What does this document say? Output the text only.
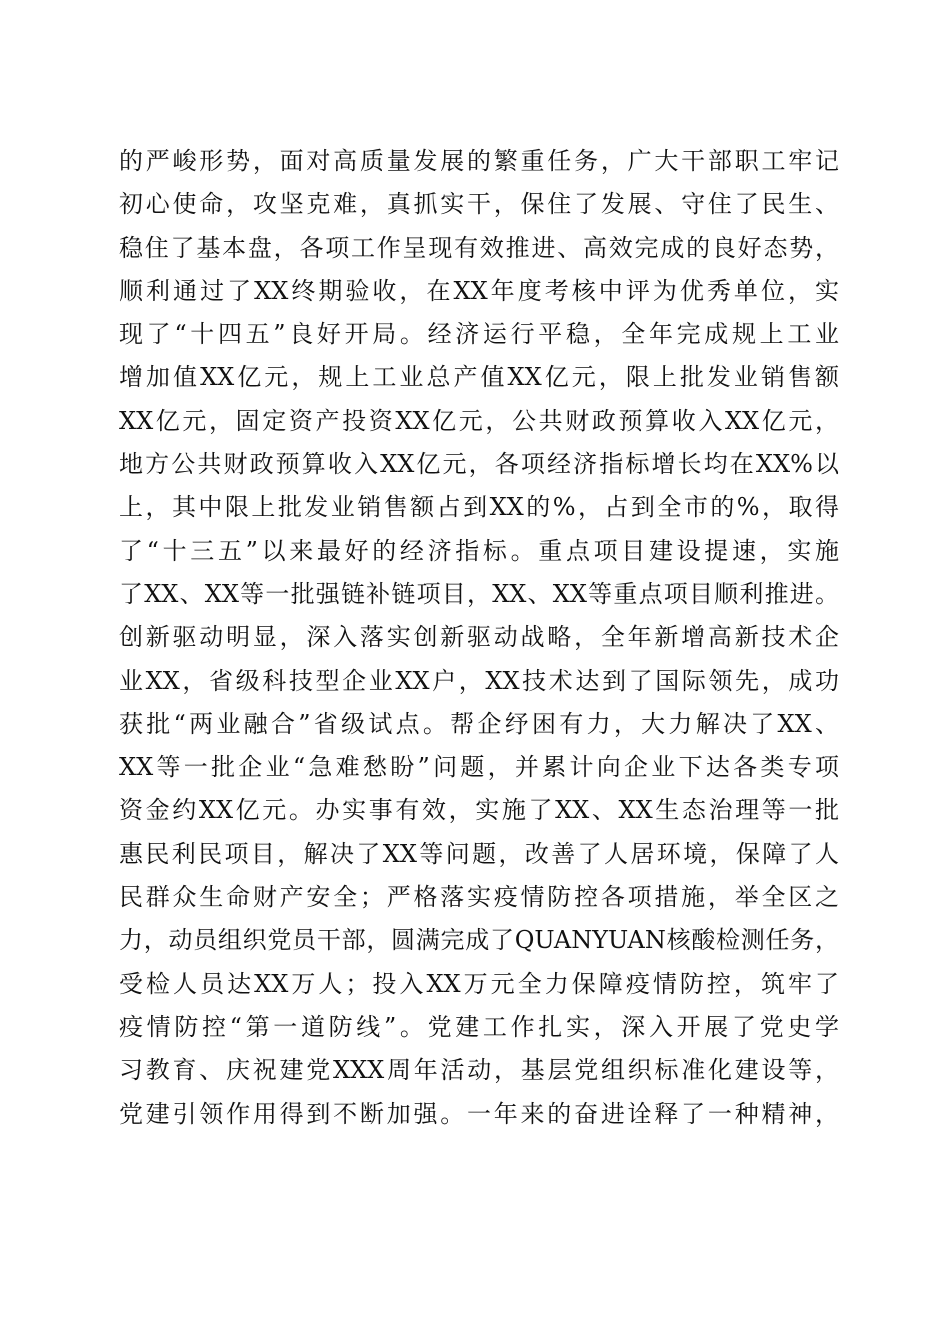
的严峻形势，面对高质量发展的繁重任务，广大干部职工牢记
初心使命，攻坚克难，真抓实干，保住了发展、守住了民生、
稳住了基本盘，各项工作呈现有效推进、高效完成的良好态势，
顺利通过了XX终期验收，在XX年度考核中评为优秀单位，实
现了“十四五”良好开局。经济运行平稳，全年完成规上工业
增加值XX亿元，规上工业总产值XX亿元，限上批发业销售额
XX亿元，固定资产投资XX亿元，公共财政预算收入XX亿元，
地方公共财政预算收入XX亿元，各项经济指标增长均在XX%以
上，其中限上批发业销售额占到XX的%，占到全市的%，取得
了“十三五”以来最好的经济指标。重点项目建设提速，实施
了XX、XX等一批强链补链项目，XX、XX等重点项目顺利推进。
创新驱动明显，深入落实创新驱动战略，全年新增高新技术企
业XX，省级科技型企业XX户，XX技术达到了国际领先，成功
获批“两业融合”省级试点。帮企纾困有力，大力解决了XX、
XX等一批企业“急难愁盼”问题，并累计向企业下达各类专项
资金约XX亿元。办实事有效，实施了XX、XX生态治理等一批
惠民利民项目，解决了XX等问题，改善了人居环境，保障了人
民群众生命财产安全；严格落实疫情防控各项措施，举全区之
力，动员组织党员干部，圆满完成了QUANYUAN核酸检测任务，
受检人员达XX万人；投入XX万元全力保障疫情防控，筑牢了
疫情防控“第一道防线”。党建工作扎实，深入开展了党史学
习教育、庆祝建党XXX周年活动，基层党组织标准化建设等，
党建引领作用得到不断加强。一年来的奋进诠释了一种精神，
